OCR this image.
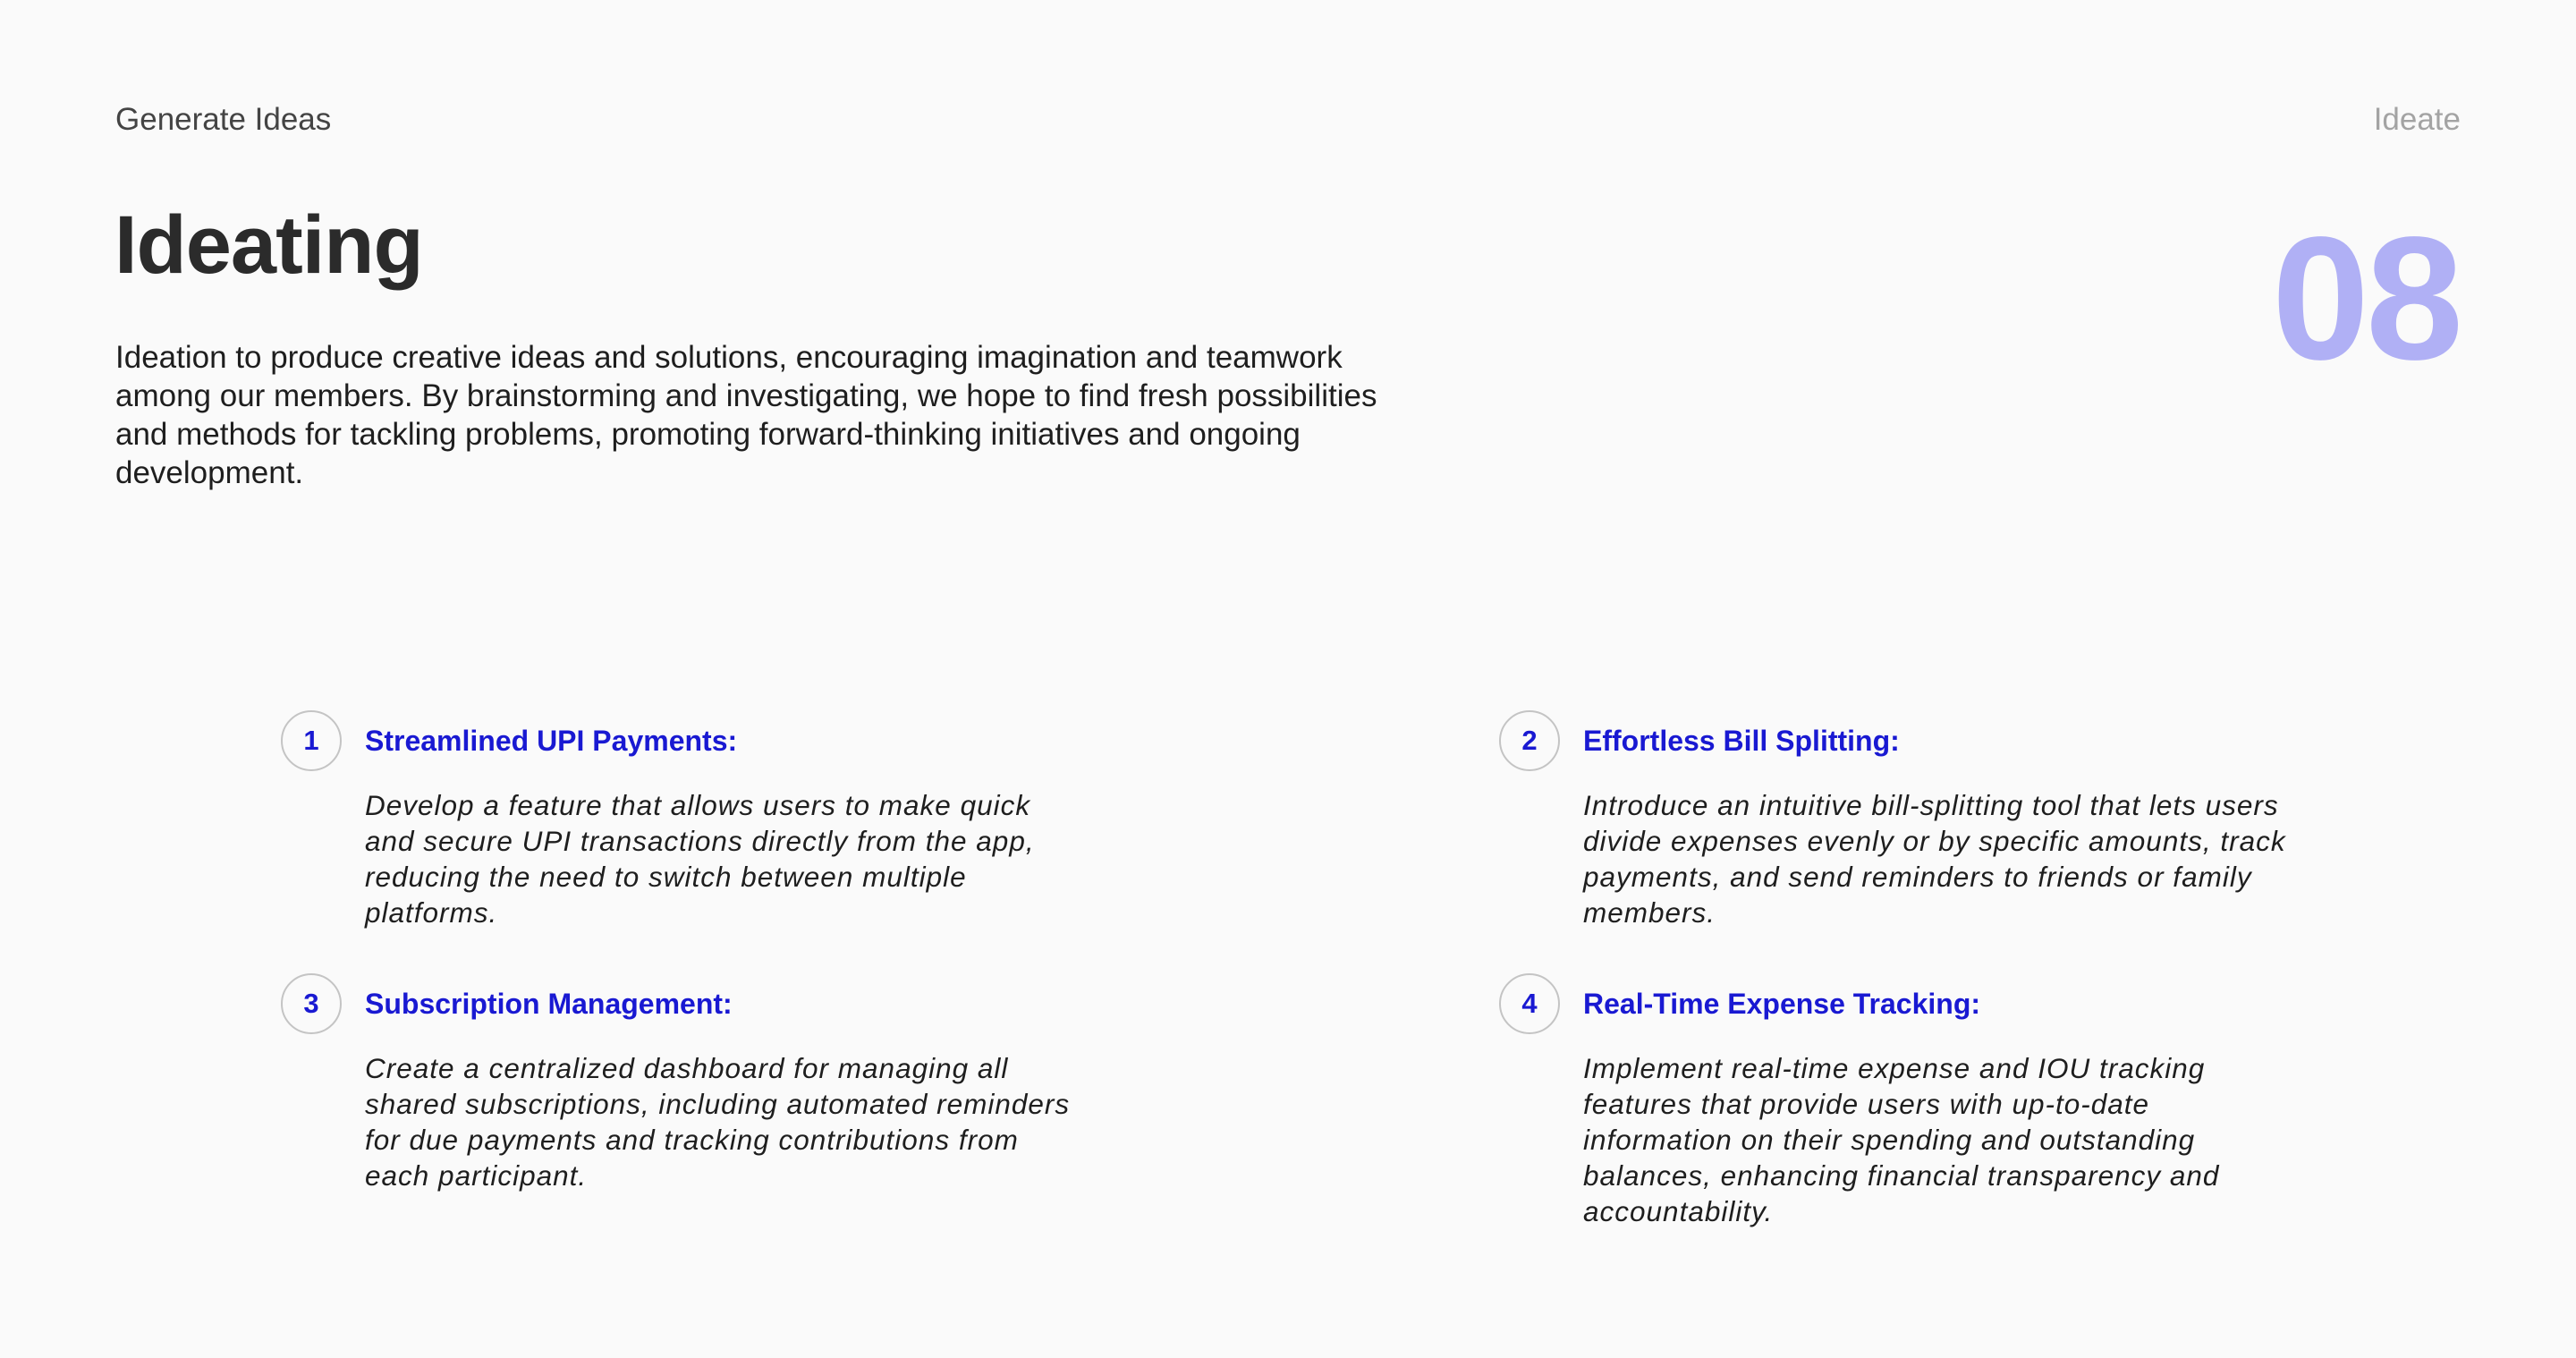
Generate Ideas	Ideate
Ideating	08

Ideation to produce creative ideas and solutions, encouraging imagination and teamwork among our members. By brainstorming and investigating, we hope to find fresh possibilities and methods for tackling problems, promoting forward-thinking initiatives and ongoing development.

1	Streamlined UPI Payments:

Develop a feature that allows users to make quick and secure UPI transactions directly from the app, reducing the need to switch between multiple platforms.

2	Effortless Bill Splitting:

Introduce an intuitive bill-splitting tool that lets users divide expenses evenly or by specific amounts, track payments, and send reminders to friends or family members.

3	Subscription Management:

Create a centralized dashboard for managing all shared subscriptions, including automated reminders for due payments and tracking contributions from each participant.

4	Real-Time Expense Tracking:

Implement real-time expense and IOU tracking features that provide users with up-to-date information on their spending and outstanding balances, enhancing financial transparency and accountability.
